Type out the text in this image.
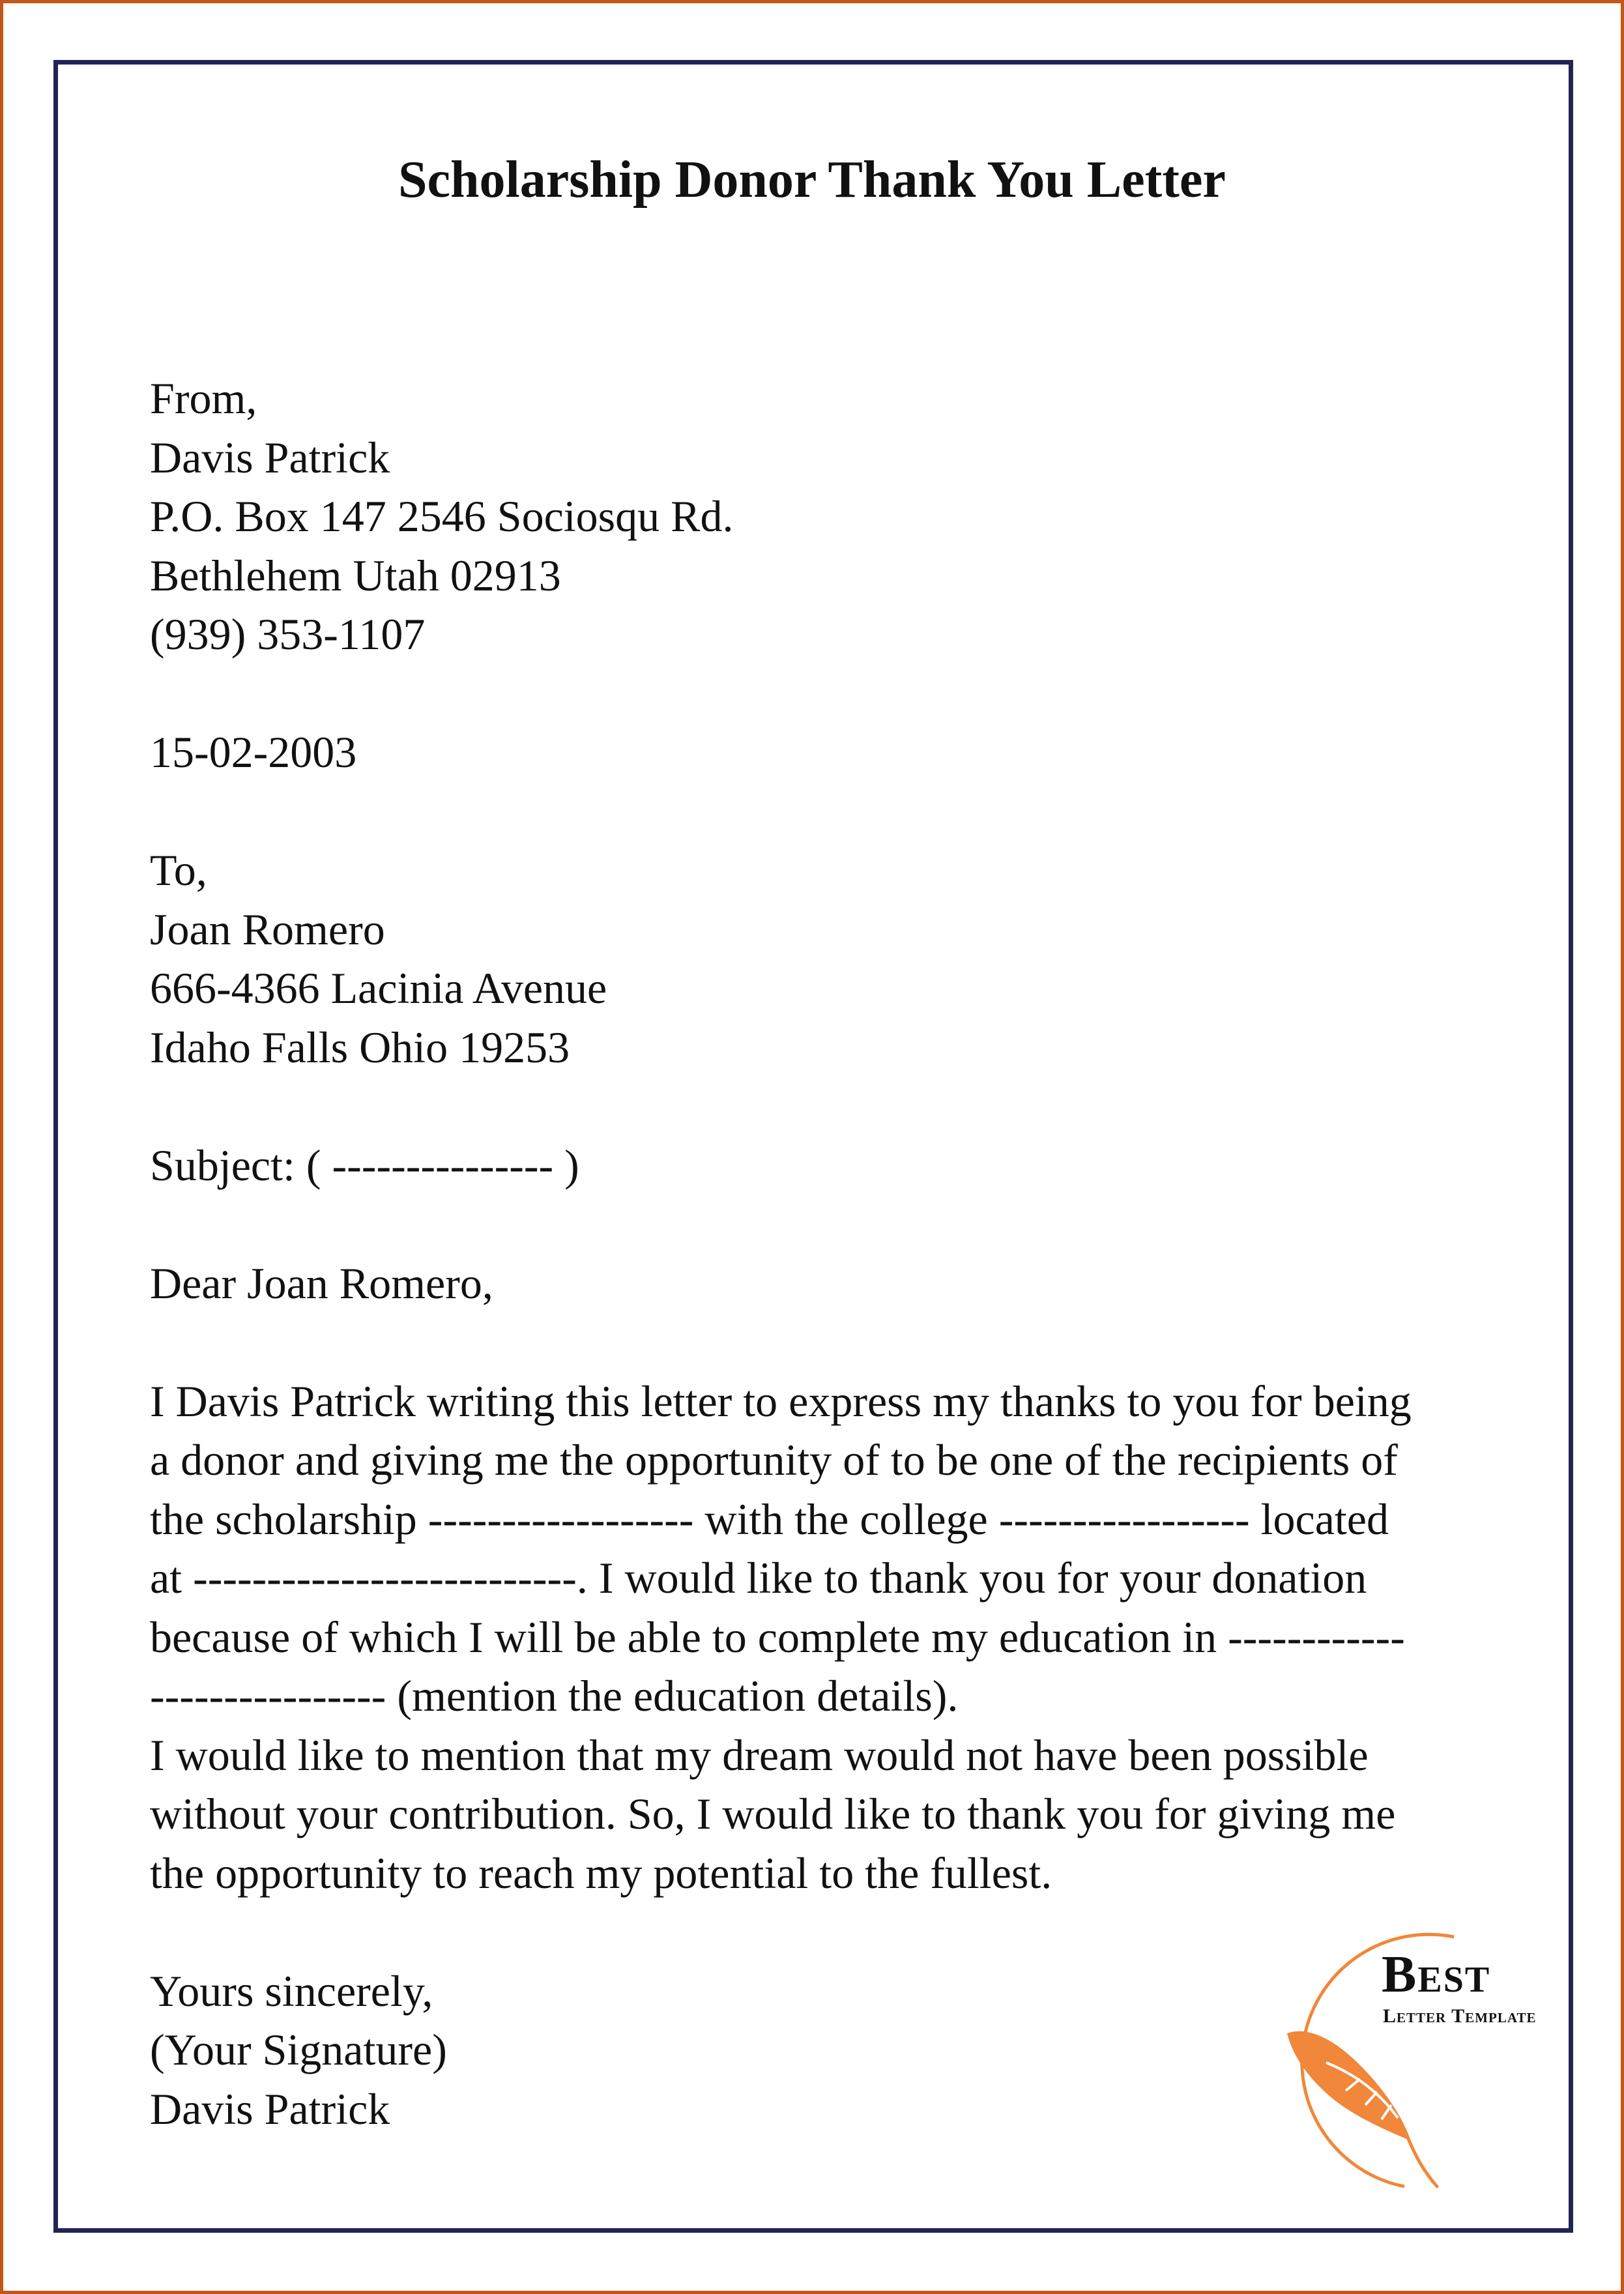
Scholarship Donor Thank You Letter
From,
Davis Patrick
P.O. Box 147 2546 Sociosqu Rd.
Bethlehem Utah 02913
(939) 353-1107
15-02-2003
To,
Joan Romero
666-4366 Lacinia Avenue
Idaho Falls Ohio 19253
Subject: ( --------------- )
Dear Joan Romero,
I Davis Patrick writing this letter to express my thanks to you for being
a donor and giving me the opportunity of to be one of the recipients of
the scholarship ------------------ with the college ----------------- located
at --------------------------. I would like to thank you for your donation
because of which I will be able to complete my education in ------------
---------------- (mention the education details).
I would like to mention that my dream would not have been possible
without your contribution. So, I would like to thank you for giving me
the opportunity to reach my potential to the fullest.
Yours sincerely,
(Your Signature)
Davis Patrick
Best
Letter Template
